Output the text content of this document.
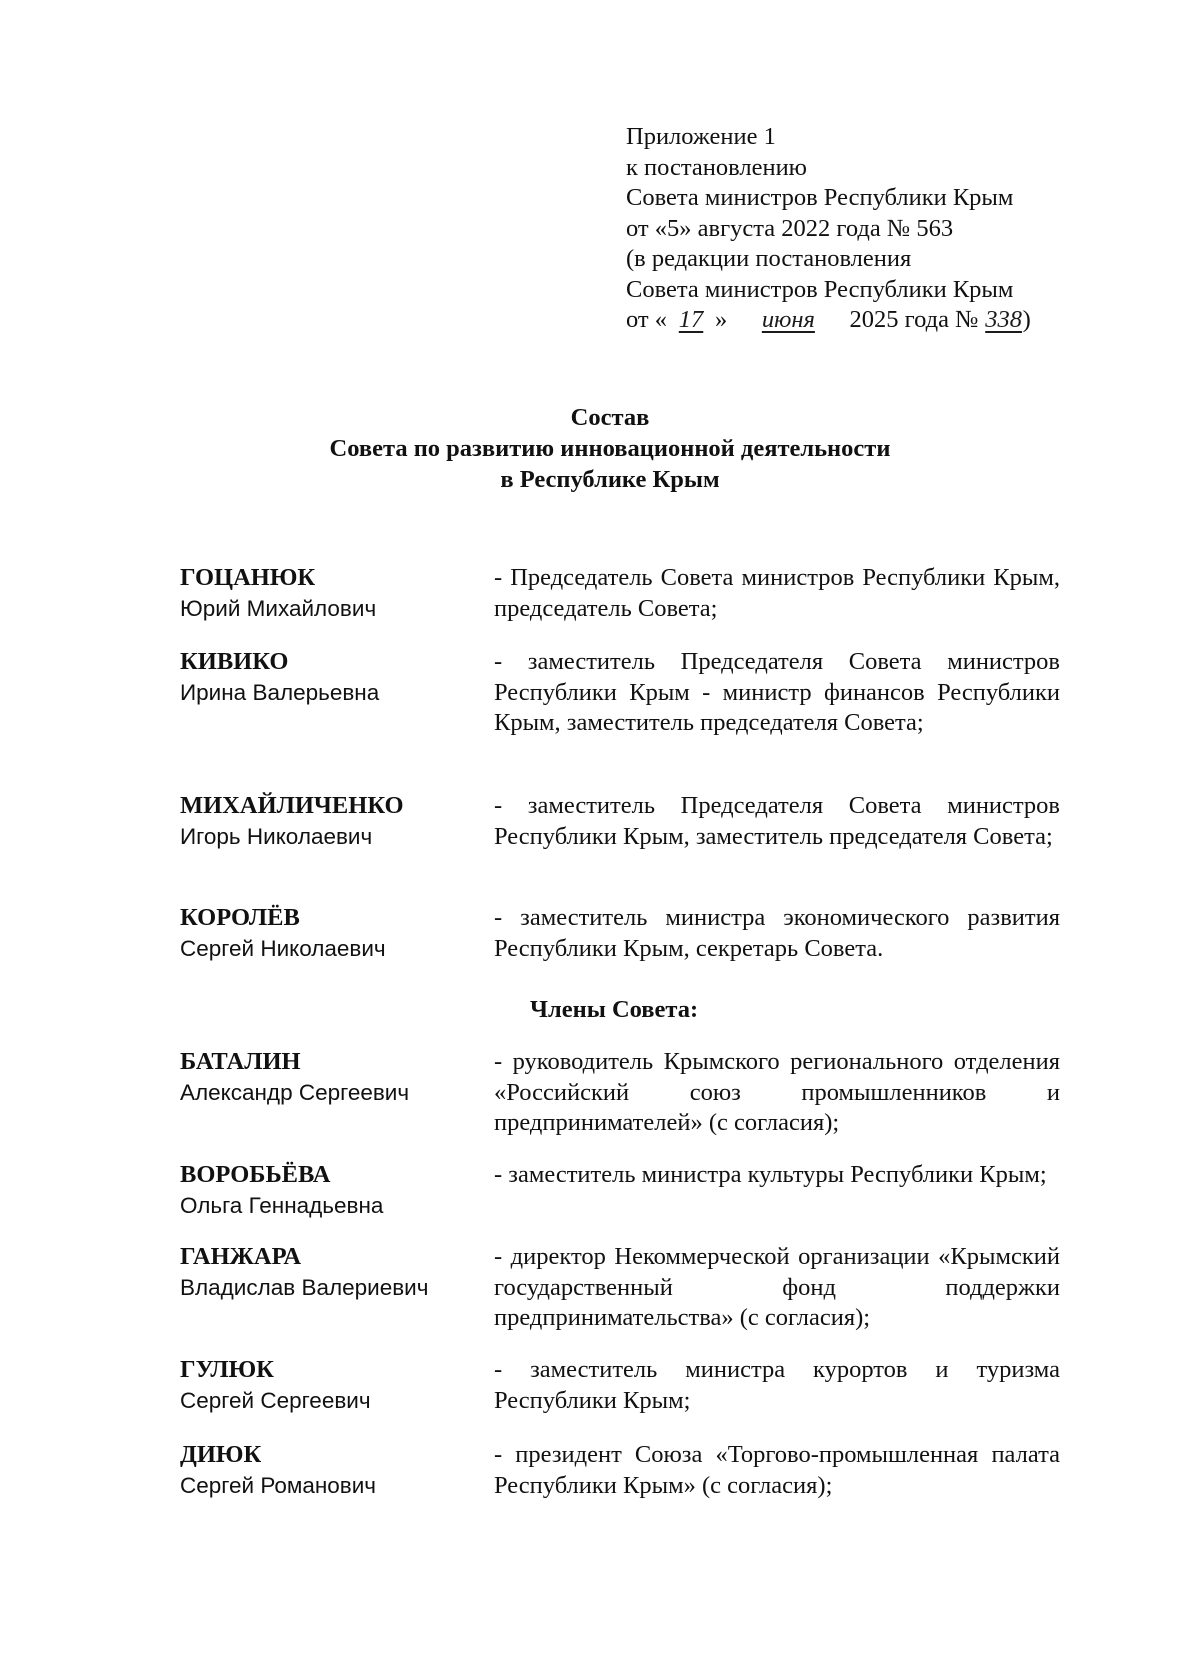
Приложение 1
к постановлению
Совета министров Республики Крым
от «5» августа 2022 года № 563
(в редакции постановления
Совета министров Республики Крым
от « 17 » июня 2025 года № 338)
Состав
Совета по развитию инновационной деятельности
в Республике Крым
ГОЦАНЮК
Юрий Михайлович
- Председатель Совета министров Республики Крым, председатель Совета;
КИВИКО
Ирина Валерьевна
- заместитель Председателя Совета министров Республики Крым - министр финансов Республики Крым, заместитель председателя Совета;
МИХАЙЛИЧЕНКО
Игорь Николаевич
- заместитель Председателя Совета министров Республики Крым, заместитель председателя Совета;
КОРОЛЁВ
Сергей Николаевич
- заместитель министра экономического развития Республики Крым, секретарь Совета.
Члены Совета:
БАТАЛИН
Александр Сергеевич
- руководитель Крымского регионального отделения «Российский союз промышленников и предпринимателей» (с согласия);
ВОРОБЬЁВА
Ольга Геннадьевна
- заместитель министра культуры Республики Крым;
ГАНЖАРА
Владислав Валериевич
- директор Некоммерческой организации «Крымский государственный фонд поддержки предпринимательства» (с согласия);
ГУЛЮК
Сергей Сергеевич
- заместитель министра курортов и туризма Республики Крым;
ДИЮК
Сергей Романович
- президент Союза «Торгово-промышленная палата Республики Крым» (с согласия);
